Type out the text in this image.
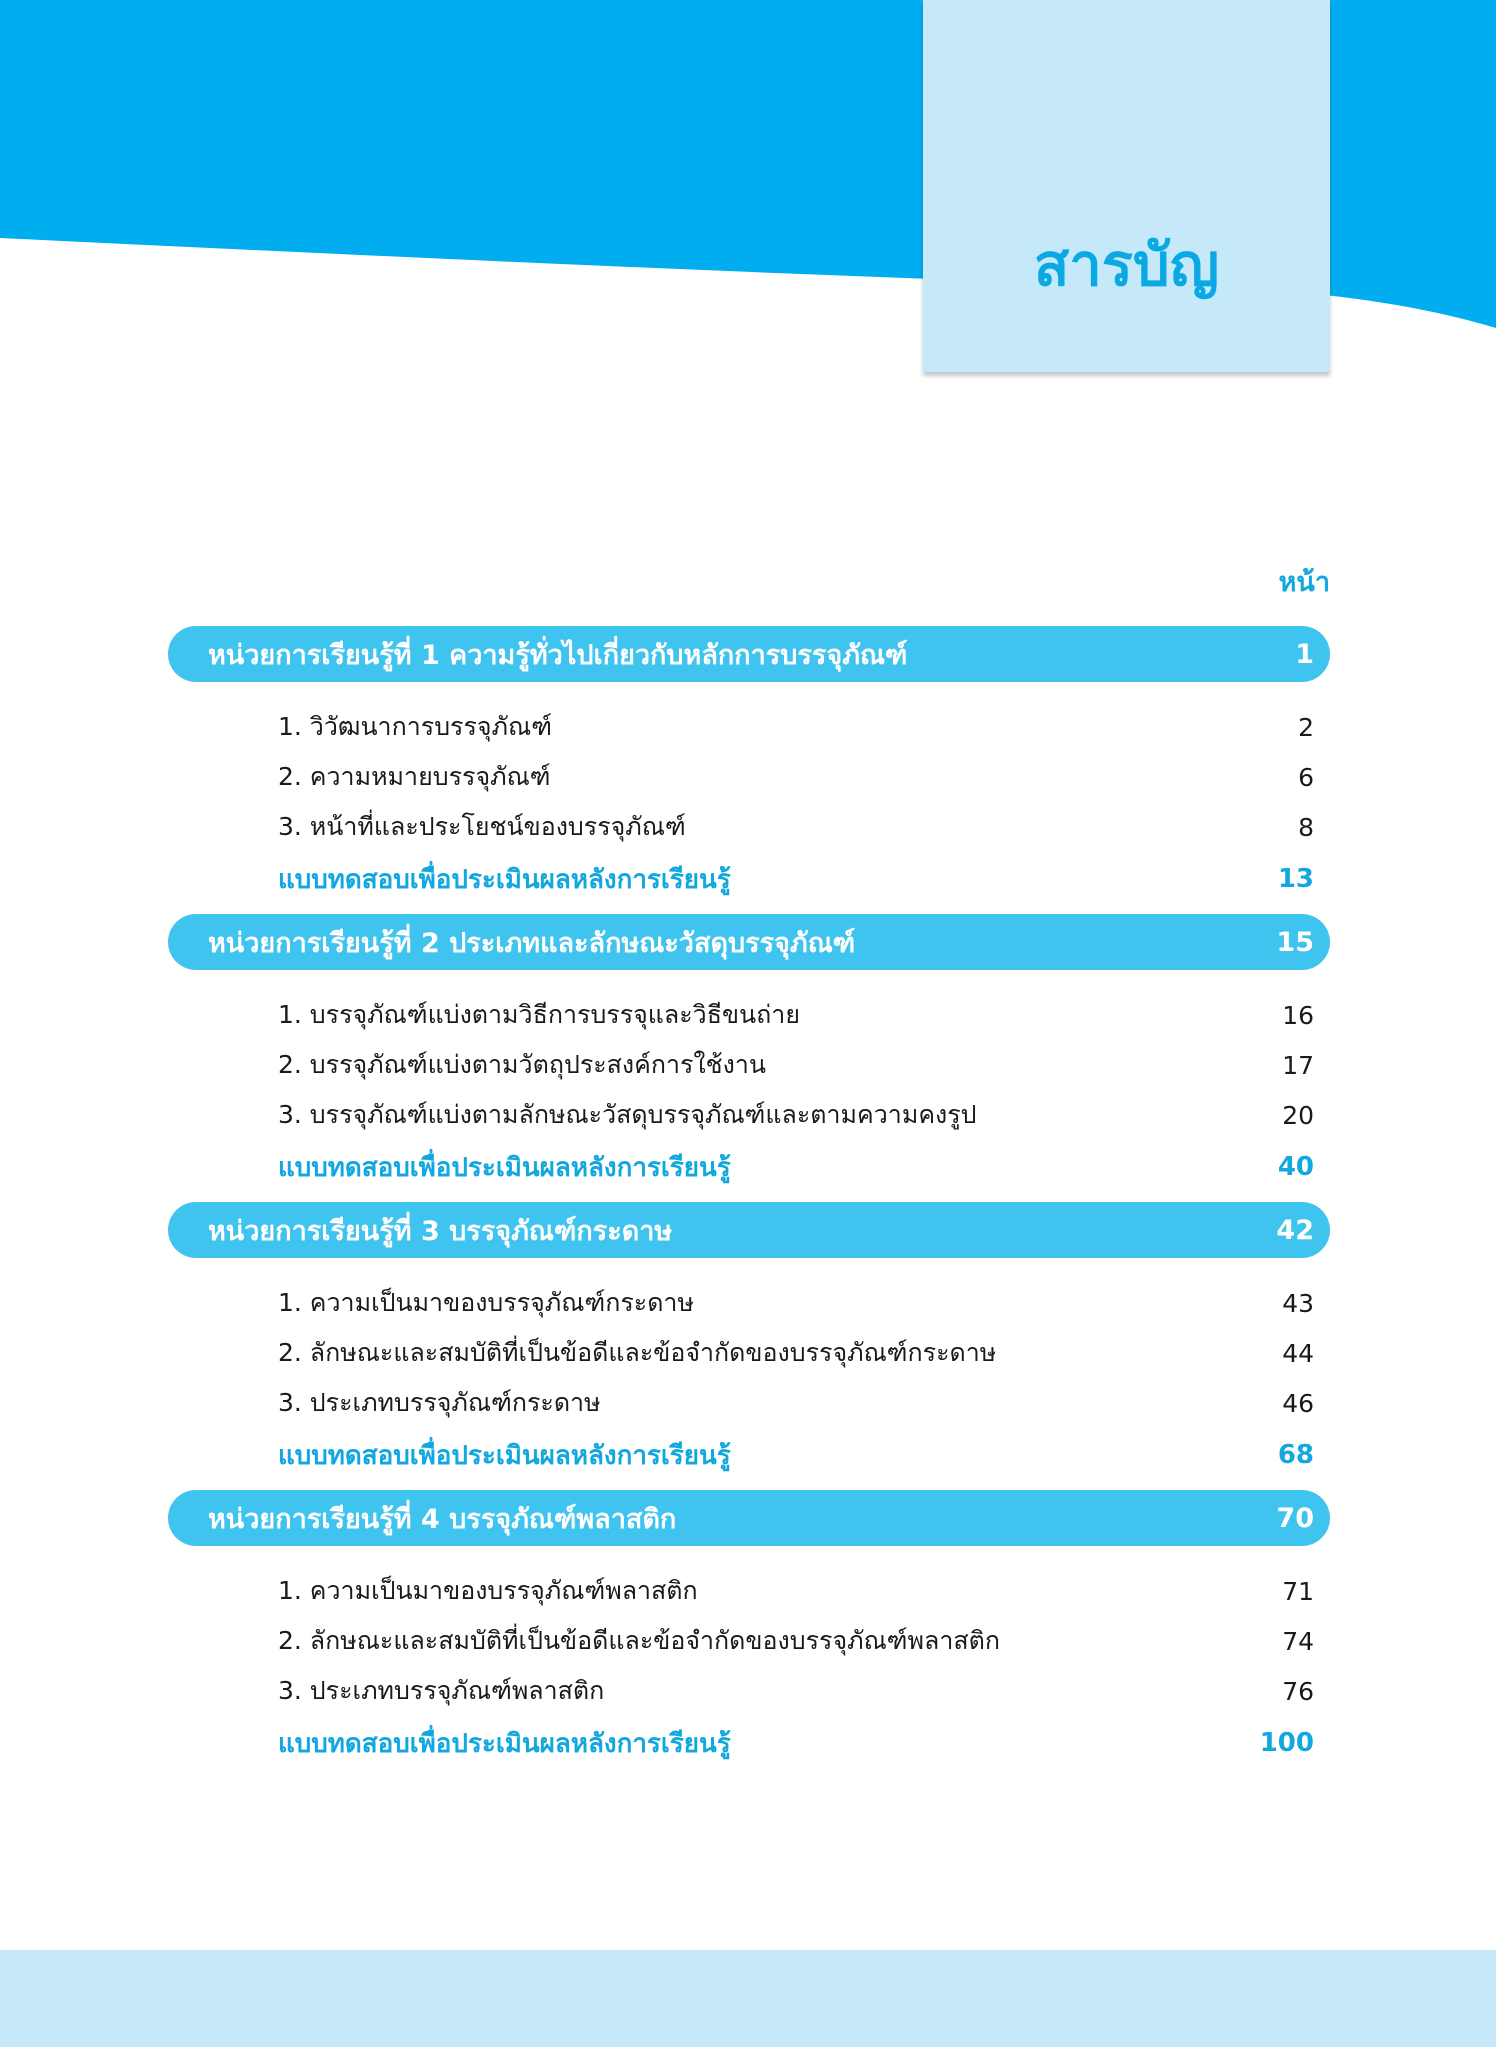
สารบัญ
หน้า
หน่วยการเรียนรู้ที่ 1 ความรู้ทั่วไปเกี่ยวกับหลักการบรรจุภัณฑ์	1
1. วิวัฒนาการบรรจุภัณฑ์	2
2. ความหมายบรรจุภัณฑ์	6
3. หน้าที่และประโยชน์ของบรรจุภัณฑ์	8
แบบทดสอบเพื่อประเมินผลหลังการเรียนรู้	13
หน่วยการเรียนรู้ที่ 2 ประเภทและลักษณะวัสดุบรรจุภัณฑ์	15
1. บรรจุภัณฑ์แบ่งตามวิธีการบรรจุและวิธีขนถ่าย	16
2. บรรจุภัณฑ์แบ่งตามวัตถุประสงค์การใช้งาน	17
3. บรรจุภัณฑ์แบ่งตามลักษณะวัสดุบรรจุภัณฑ์และตามความคงรูป	20
แบบทดสอบเพื่อประเมินผลหลังการเรียนรู้	40
หน่วยการเรียนรู้ที่ 3 บรรจุภัณฑ์กระดาษ	42
1. ความเป็นมาของบรรจุภัณฑ์กระดาษ	43
2. ลักษณะและสมบัติที่เป็นข้อดีและข้อจำกัดของบรรจุภัณฑ์กระดาษ	44
3. ประเภทบรรจุภัณฑ์กระดาษ	46
แบบทดสอบเพื่อประเมินผลหลังการเรียนรู้	68
หน่วยการเรียนรู้ที่ 4 บรรจุภัณฑ์พลาสติก	70
1. ความเป็นมาของบรรจุภัณฑ์พลาสติก	71
2. ลักษณะและสมบัติที่เป็นข้อดีและข้อจำกัดของบรรจุภัณฑ์พลาสติก	74
3. ประเภทบรรจุภัณฑ์พลาสติก	76
แบบทดสอบเพื่อประเมินผลหลังการเรียนรู้	100
